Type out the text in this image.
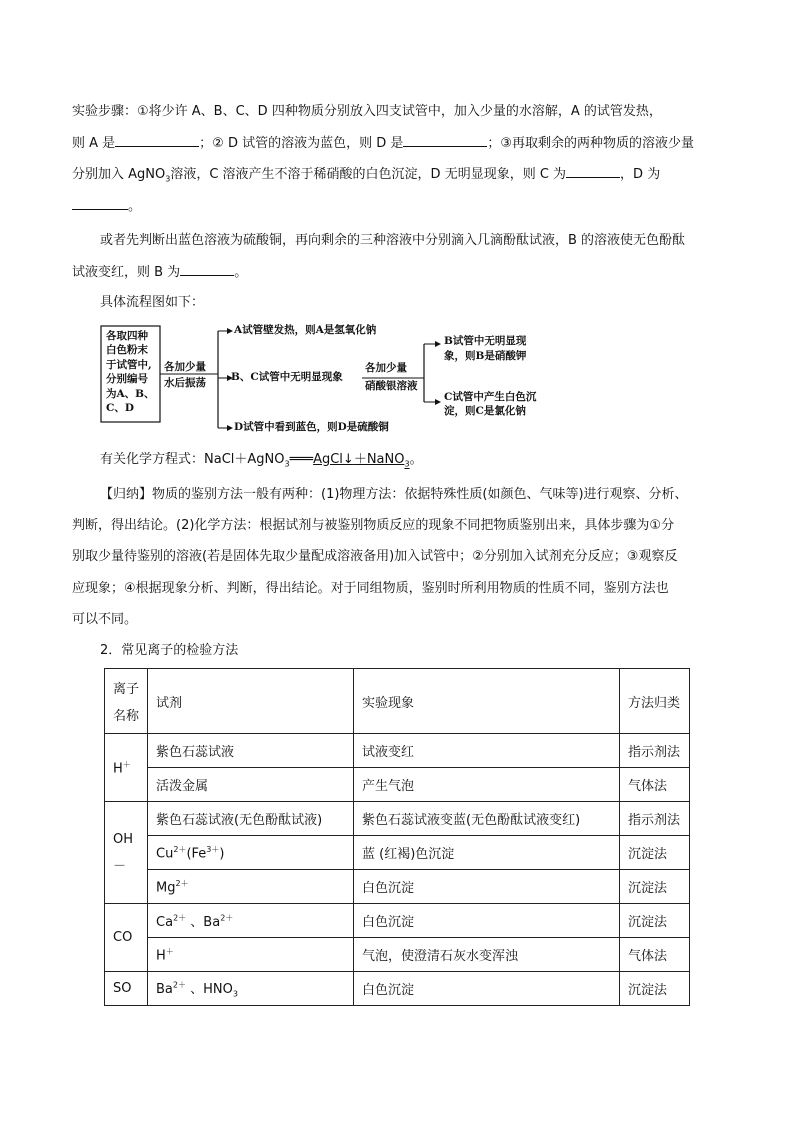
实验步骤：①将少许 A、B、C、D 四种物质分别放入四支试管中，加入少量的水溶解，A 的试管发热，
则 A 是	；② D 试管的溶液为蓝色，则 D 是	；③再取剩余的两种物质的溶液少量
分别加入 AgNO$_3$溶液，C 溶液产生不溶于稀硝酸的白色沉淀，D 无明显现象，则 C 为	，D 为
。
或者先判断出蓝色溶液为硫酸铜，再向剩余的三种溶液中分别滴入几滴酚酞试液，B 的溶液使无色酚酞
试液变红，则 B 为	。
具体流程图如下：
各取四种
白色粉末
于试管中,
分别编号
为A、B、
C、D
各加少量
水后振荡
A试管壁发热，则A是氢氧化钠
B、C试管中无明显现象
各加少量
硝酸银溶液
D试管中看到蓝色，则D是硫酸铜
B试管中无明显现
象，则B是硝酸钾
C试管中产生白色沉
淀，则C是氯化钠
有关化学方程式：NaCl＋AgNO$_3$═══AgCl↓＋NaNO$_3$。
【归纳】物质的鉴别方法一般有两种：(1)物理方法：依据特殊性质(如颜色、气味等)进行观察、分析、
判断，得出结论。(2)化学方法：根据试剂与被鉴别物质反应的现象不同把物质鉴别出来，具体步骤为①分
别取少量待鉴别的溶液(若是固体先取少量配成溶液备用)加入试管中；②分别加入试剂充分反应；③观察反
应现象；④根据现象分析、判断，得出结论。对于同组物质，鉴别时所利用物质的性质不同，鉴别方法也
可以不同。
2．常见离子的检验方法
离子
名称	试剂	实验现象	方法归类
H＋	紫色石蕊试液	试液变红	指示剂法
	活泼金属	产生气泡	气体法

OH
－	紫色石蕊试液(无色酚酞试液)	紫色石蕊试液变蓝(无色酚酞试液变红)	指示剂法
	$Cu^{2+}(Fe^{3+})$	蓝 (红褐)色沉淀	沉淀法
	$Mg^{2+}$	白色沉淀	沉淀法
CO	$Ca^{2+}$ 、$Ba^{2+}$	白色沉淀	沉淀法
	H＋	气泡，使澄清石灰水变浑浊	气体法
SO	$Ba^{2+}$ 、$HNO_3$	白色沉淀	沉淀法
